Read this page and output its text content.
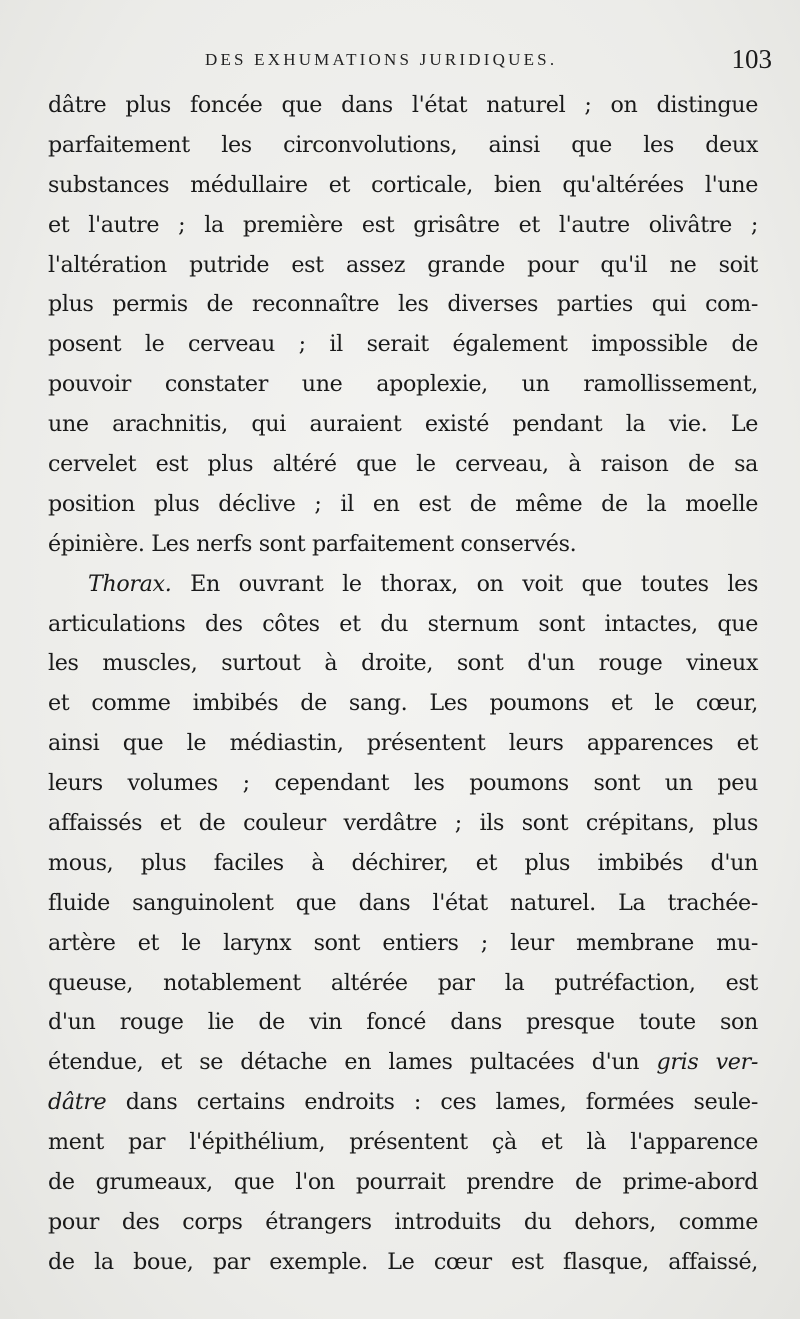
DES EXHUMATIONS JURIDIQUES.	103
dâtre plus foncée que dans l'état naturel ; on distingue
parfaitement les circonvolutions, ainsi que les deux
substances médullaire et corticale, bien qu'altérées l'une
et l'autre ; la première est grisâtre et l'autre olivâtre ;
l'altération putride est assez grande pour qu'il ne soit
plus permis de reconnaître les diverses parties qui com-
posent le cerveau ; il serait également impossible de
pouvoir constater une apoplexie, un ramollissement,
une arachnitis, qui auraient existé pendant la vie. Le
cervelet est plus altéré que le cerveau, à raison de sa
position plus déclive ; il en est de même de la moelle
épinière. Les nerfs sont parfaitement conservés.
Thorax. En ouvrant le thorax, on voit que toutes les
articulations des côtes et du sternum sont intactes, que
les muscles, surtout à droite, sont d'un rouge vineux
et comme imbibés de sang. Les poumons et le cœur,
ainsi que le médiastin, présentent leurs apparences et
leurs volumes ; cependant les poumons sont un peu
affaissés et de couleur verdâtre ; ils sont crépitans, plus
mous, plus faciles à déchirer, et plus imbibés d'un
fluide sanguinolent que dans l'état naturel. La trachée-
artère et le larynx sont entiers ; leur membrane mu-
queuse, notablement altérée par la putréfaction, est
d'un rouge lie de vin foncé dans presque toute son
étendue, et se détache en lames pultacées d'un gris ver-
dâtre dans certains endroits : ces lames, formées seule-
ment par l'épithélium, présentent çà et là l'apparence
de grumeaux, que l'on pourrait prendre de prime-abord
pour des corps étrangers introduits du dehors, comme
de la boue, par exemple. Le cœur est flasque, affaissé,
